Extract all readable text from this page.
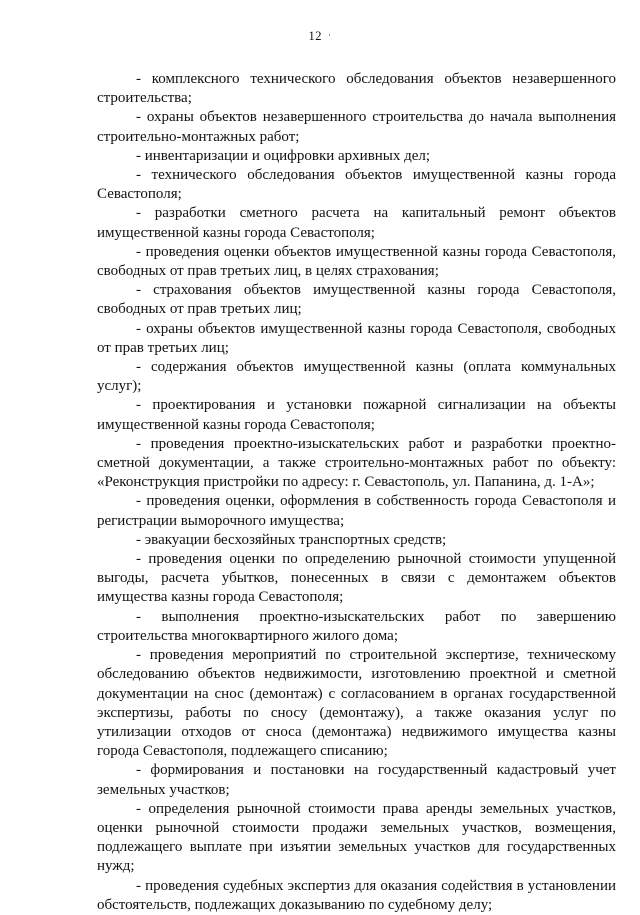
12 ·

- комплексного технического обследования объектов незавершенного строительства;

- охраны объектов незавершенного строительства до начала выполнения строительно-монтажных работ;

- инвентаризации и оцифровки архивных дел;

- технического обследования объектов имущественной казны города Севастополя;

- разработки сметного расчета на капитальный ремонт объектов имущественной казны города Севастополя;

- проведения оценки объектов имущественной казны города Севастополя, свободных от прав третьих лиц, в целях страхования;

- страхования объектов имущественной казны города Севастополя, свободных от прав третьих лиц;

- охраны объектов имущественной казны города Севастополя, свободных от прав третьих лиц;

- содержания объектов имущественной казны (оплата коммунальных услуг);

- проектирования и установки пожарной сигнализации на объекты имущественной казны города Севастополя;

- проведения проектно-изыскательских работ и разработки проектно-сметной документации, а также строительно-монтажных работ по объекту: «Реконструкция пристройки по адресу: г. Севастополь, ул. Папанина, д. 1-А»;

- проведения оценки, оформления в собственность города Севастополя и регистрации выморочного имущества;

- эвакуации бесхозяйных транспортных средств;

- проведения оценки по определению рыночной стоимости упущенной выгоды, расчета убытков, понесенных в связи с демонтажем объектов имущества казны города Севастополя;

- выполнения проектно-изыскательских работ по завершению строительства многоквартирного жилого дома;

- проведения мероприятий по строительной экспертизе, техническому обследованию объектов недвижимости, изготовлению проектной и сметной документации на снос (демонтаж) с согласованием в органах государственной экспертизы, работы по сносу (демонтажу), а также оказания услуг по утилизации отходов от сноса (демонтажа) недвижимого имущества казны города Севастополя, подлежащего списанию;

- формирования и постановки на государственный кадастровый учет земельных участков;

- определения рыночной стоимости права аренды земельных участков, оценки рыночной стоимости продажи земельных участков, возмещения, подлежащего выплате при изъятии земельных участков для государственных нужд;

- проведения судебных экспертиз для оказания содействия в установлении обстоятельств, подлежащих доказыванию по судебному делу;
